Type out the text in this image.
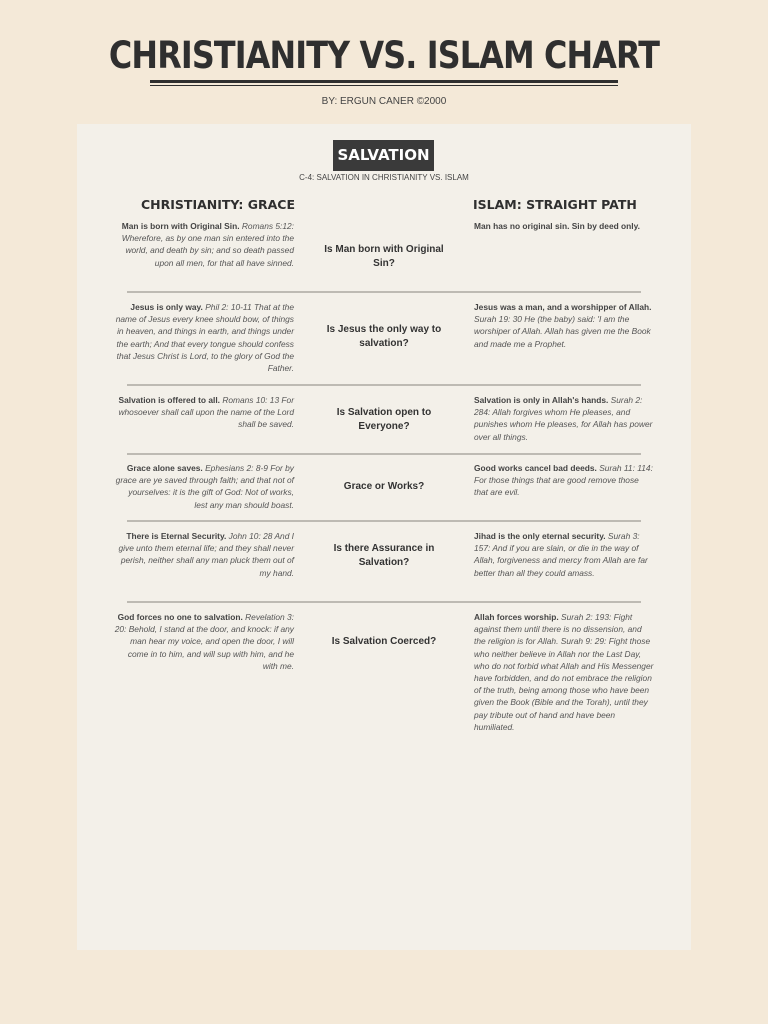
CHRISTIANITY VS. ISLAM CHART
BY: ERGUN CANER ©2000
SALVATION
C-4: SALVATION IN CHRISTIANITY VS. ISLAM
CHRISTIANITY: GRACE	ISLAM: STRAIGHT PATH
Man is born with Original Sin. Romans 5:12: Wherefore, as by one man sin entered into the world, and death by sin; and so death passed upon all men, for that all have sinned.
Is Man born with Original Sin?
Man has no original sin. Sin by deed only.
Jesus is only way. Phil 2: 10-11 That at the name of Jesus every knee should bow, of things in heaven, and things in earth, and things under the earth; And that every tongue should confess that Jesus Christ is Lord, to the glory of God the Father.
Is Jesus the only way to salvation?
Jesus was a man, and a worshipper of Allah. Surah 19: 30 He (the baby) said: 'I am the worshiper of Allah. Allah has given me the Book and made me a Prophet.
Salvation is offered to all. Romans 10: 13 For whosoever shall call upon the name of the Lord shall be saved.
Is Salvation open to Everyone?
Salvation is only in Allah's hands. Surah 2: 284: Allah forgives whom He pleases, and punishes whom He pleases, for Allah has power over all things.
Grace alone saves. Ephesians 2: 8-9 For by grace are ye saved through faith; and that not of yourselves: it is the gift of God: Not of works, lest any man should boast.
Grace or Works?
Good works cancel bad deeds. Surah 11: 114: For those things that are good remove those that are evil.
There is Eternal Security. John 10: 28 And I give unto them eternal life; and they shall never perish, neither shall any man pluck them out of my hand.
Is there Assurance in Salvation?
Jihad is the only eternal security. Surah 3: 157: And if you are slain, or die in the way of Allah, forgiveness and mercy from Allah are far better than all they could amass.
God forces no one to salvation. Revelation 3: 20: Behold, I stand at the door, and knock: if any man hear my voice, and open the door, I will come in to him, and will sup with him, and he with me.
Is Salvation Coerced?
Allah forces worship. Surah 2: 193: Fight against them until there is no dissension, and the religion is for Allah. Surah 9: 29: Fight those who neither believe in Allah nor the Last Day, who do not forbid what Allah and His Messenger have forbidden, and do not embrace the religion of the truth, being among those who have been given the Book (Bible and the Torah), until they pay tribute out of hand and have been humiliated.
